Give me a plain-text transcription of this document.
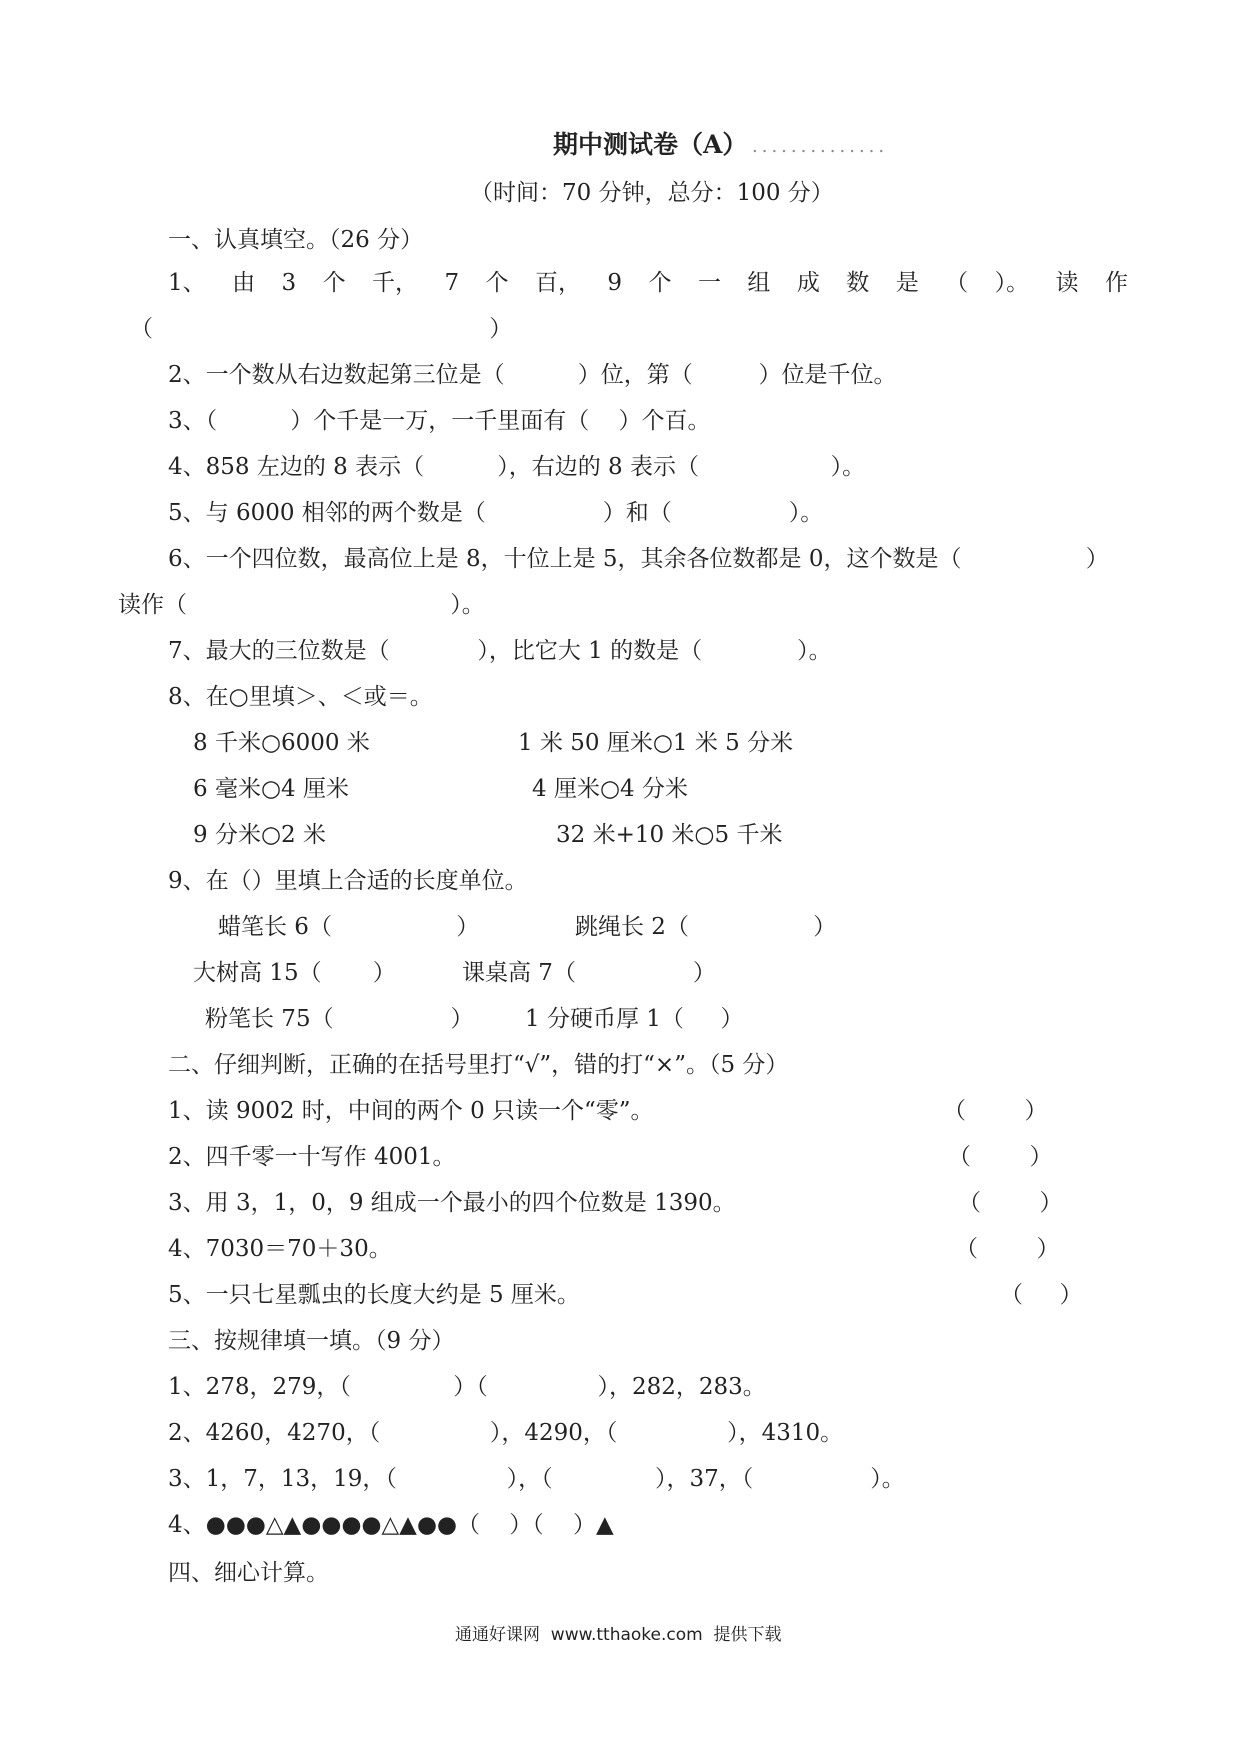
期中测试卷（A） ..............
（时间：70 分钟，总分：100 分）
一、认真填空。（26 分）
1、 由 3 个 千， 7 个 百， 9 个 一 组 成 数 是 （ ）。 读 作
（                                              ）
2、一个数从右边数起第三位是（          ）位，第（         ）位是千位。
3、（          ）个千是一万，一千里面有（    ）个百。
4、858 左边的 8 表示（          ），右边的 8 表示（                  ）。
5、与 6000 相邻的两个数是（                ）和（                ）。
6、一个四位数，最高位上是 8，十位上是 5，其余各位数都是 0，这个数是（                 ）
读作（                                    ）。
7、最大的三位数是（            ），比它大 1 的数是（             ）。
8、在○里填＞、＜或＝。
8 千米○6000 米	1 米 50 厘米○1 米 5 分米
6 毫米○4 厘米	4 厘米○4 分米
9 分米○2 米	32 米+10 米○5 千米
9、在（）里填上合适的长度单位。
蜡笔长 6（                 ）	跳绳长 2（                 ）
大树高 15（       ）	课桌高 7（                ）
粉笔长 75（                ） 1 分硬币厚 1（     ）
二、仔细判断，正确的在括号里打“√”，错的打“×”。（5 分）
1、读 9002 时，中间的两个 0 只读一个“零”。	（        ）
2、四千零一十写作 4001。	（        ）
3、用 3，1，0，9 组成一个最小的四个位数是 1390。	（        ）
4、7030＝70＋30。	（        ）
5、一只七星瓢虫的长度大约是 5 厘米。	（     ）
三、按规律填一填。（9 分）
1、278，279，（              ）（               ），282，283。
2、4260，4270，（               ），4290，（               ），4310。
3、1，7，13，19，（               ），（              ），37，（                ）。
4、●●●△▲●●●●△▲●●（    ）（    ）▲
四、细心计算。
通通好课网  www.tthaoke.com  提供下载
